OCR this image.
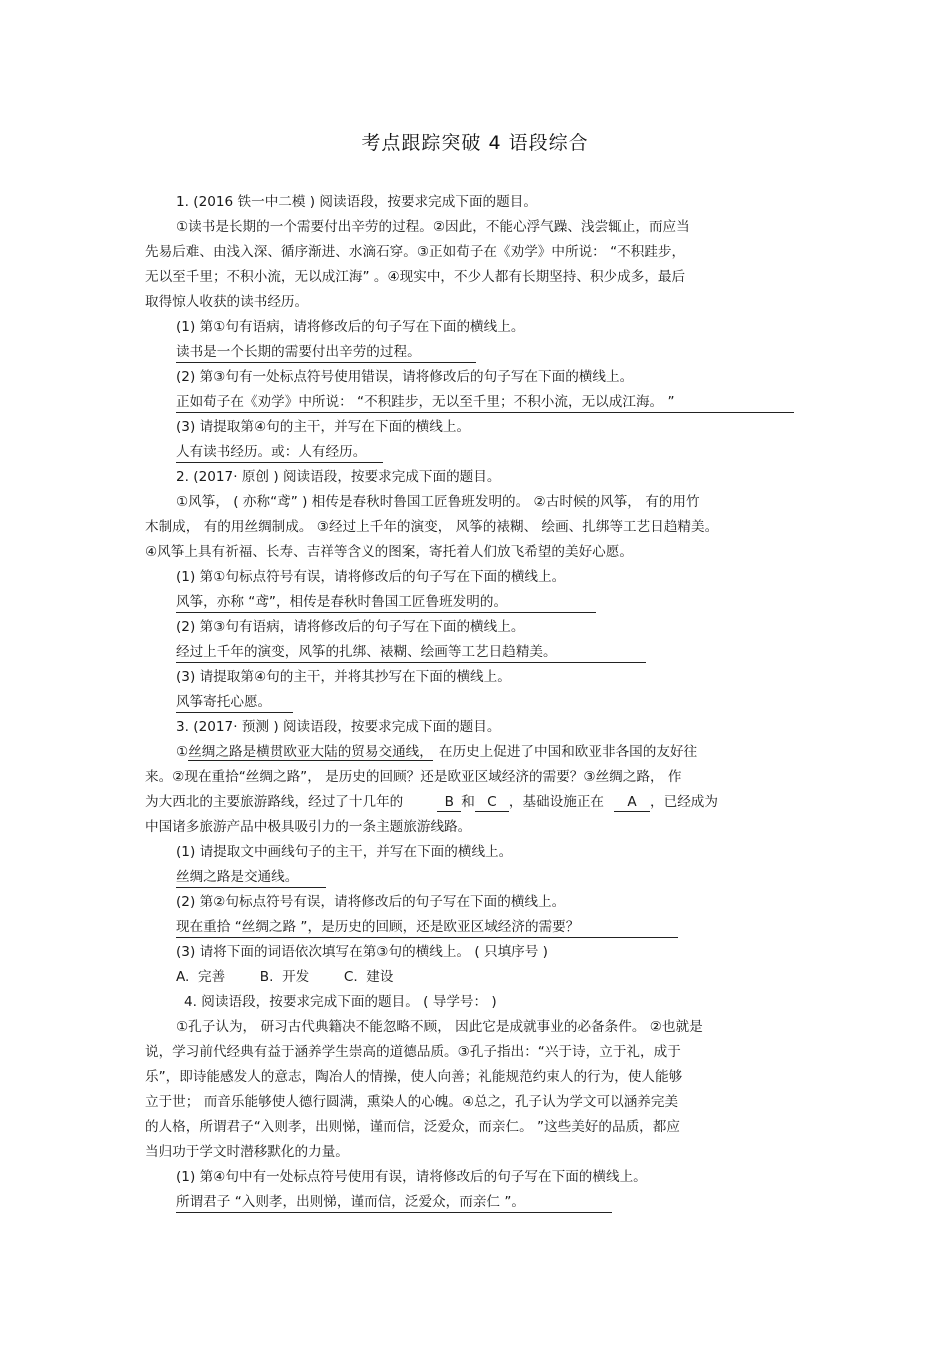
考点跟踪突破 4 语段综合
1. (2016 铁一中二模 ) 阅读语段，按要求完成下面的题目。
①读书是长期的一个需要付出辛劳的过程。②因此，不能心浮气躁、浅尝辄止，而应当
先易后难、由浅入深、循序渐进、水滴石穿。③正如荀子在《劝学》中所说： “不积跬步，
无以至千里；不积小流，无以成江海” 。④现实中，不少人都有长期坚持、积少成多，最后
取得惊人收获的读书经历。
(1) 第①句有语病，请将修改后的句子写在下面的横线上。
读书是一个长期的需要付出辛劳的过程。
(2) 第③句有一处标点符号使用错误，请将修改后的句子写在下面的横线上。
正如荀子在《劝学》中所说： “不积跬步，无以至千里；不积小流，无以成江海。 ”
(3) 请提取第④句的主干，并写在下面的横线上。
人有读书经历。或：人有经历。
2. (2017· 原创 ) 阅读语段，按要求完成下面的题目。
①风筝， ( 亦称“鸢” ) 相传是春秋时鲁国工匠鲁班发明的。 ②古时候的风筝， 有的用竹
木制成， 有的用丝绸制成。 ③经过上千年的演变， 风筝的裱糊、 绘画、扎绑等工艺日趋精美。
④风筝上具有祈福、长寿、吉祥等含义的图案，寄托着人们放飞希望的美好心愿。
(1) 第①句标点符号有误，请将修改后的句子写在下面的横线上。
风筝，亦称 “鸢”，相传是春秋时鲁国工匠鲁班发明的。
(2) 第③句有语病，请将修改后的句子写在下面的横线上。
经过上千年的演变，风筝的扎绑、裱糊、绘画等工艺日趋精美。
(3) 请提取第④句的主干，并将其抄写在下面的横线上。
风筝寄托心愿。
3. (2017· 预测 ) 阅读语段，按要求完成下面的题目。
①丝绸之路是横贯欧亚大陆的贸易交通线， 在历史上促进了中国和欧亚非各国的友好往
来。②现在重拾“丝绸之路”， 是历史的回顾？还是欧亚区域经济的需要？③丝绸之路， 作
为大西北的主要旅游路线，经过了十几年的	B 和 C ，基础设施正在 A ，已经成为
中国诸多旅游产品中极具吸引力的一条主题旅游线路。
(1) 请提取文中画线句子的主干，并写在下面的横线上。
丝绸之路是交通线。
(2) 第②句标点符号有误，请将修改后的句子写在下面的横线上。
现在重拾 “丝绸之路 ”，是历史的回顾，还是欧亚区域经济的需要？
(3) 请将下面的词语依次填写在第③句的横线上。 ( 只填序号 )
A.  完善        B.  开发        C.  建设
4. 阅读语段，按要求完成下面的题目。 ( 导学号： )
①孔子认为， 研习古代典籍决不能忽略不顾， 因此它是成就事业的必备条件。 ②也就是
说，学习前代经典有益于涵养学生崇高的道德品质。③孔子指出：“兴于诗，立于礼，成于
乐”，即诗能感发人的意志，陶冶人的情操，使人向善；礼能规范约束人的行为，使人能够
立于世； 而音乐能够使人德行圆满，熏染人的心魄。④总之，孔子认为学文可以涵养完美
的人格，所谓君子“入则孝，出则悌，谨而信，泛爱众，而亲仁。 ”这些美好的品质，都应
当归功于学文时潜移默化的力量。
(1) 第④句中有一处标点符号使用有误，请将修改后的句子写在下面的横线上。
所谓君子 “入则孝，出则悌，谨而信，泛爱众，而亲仁 ”。
